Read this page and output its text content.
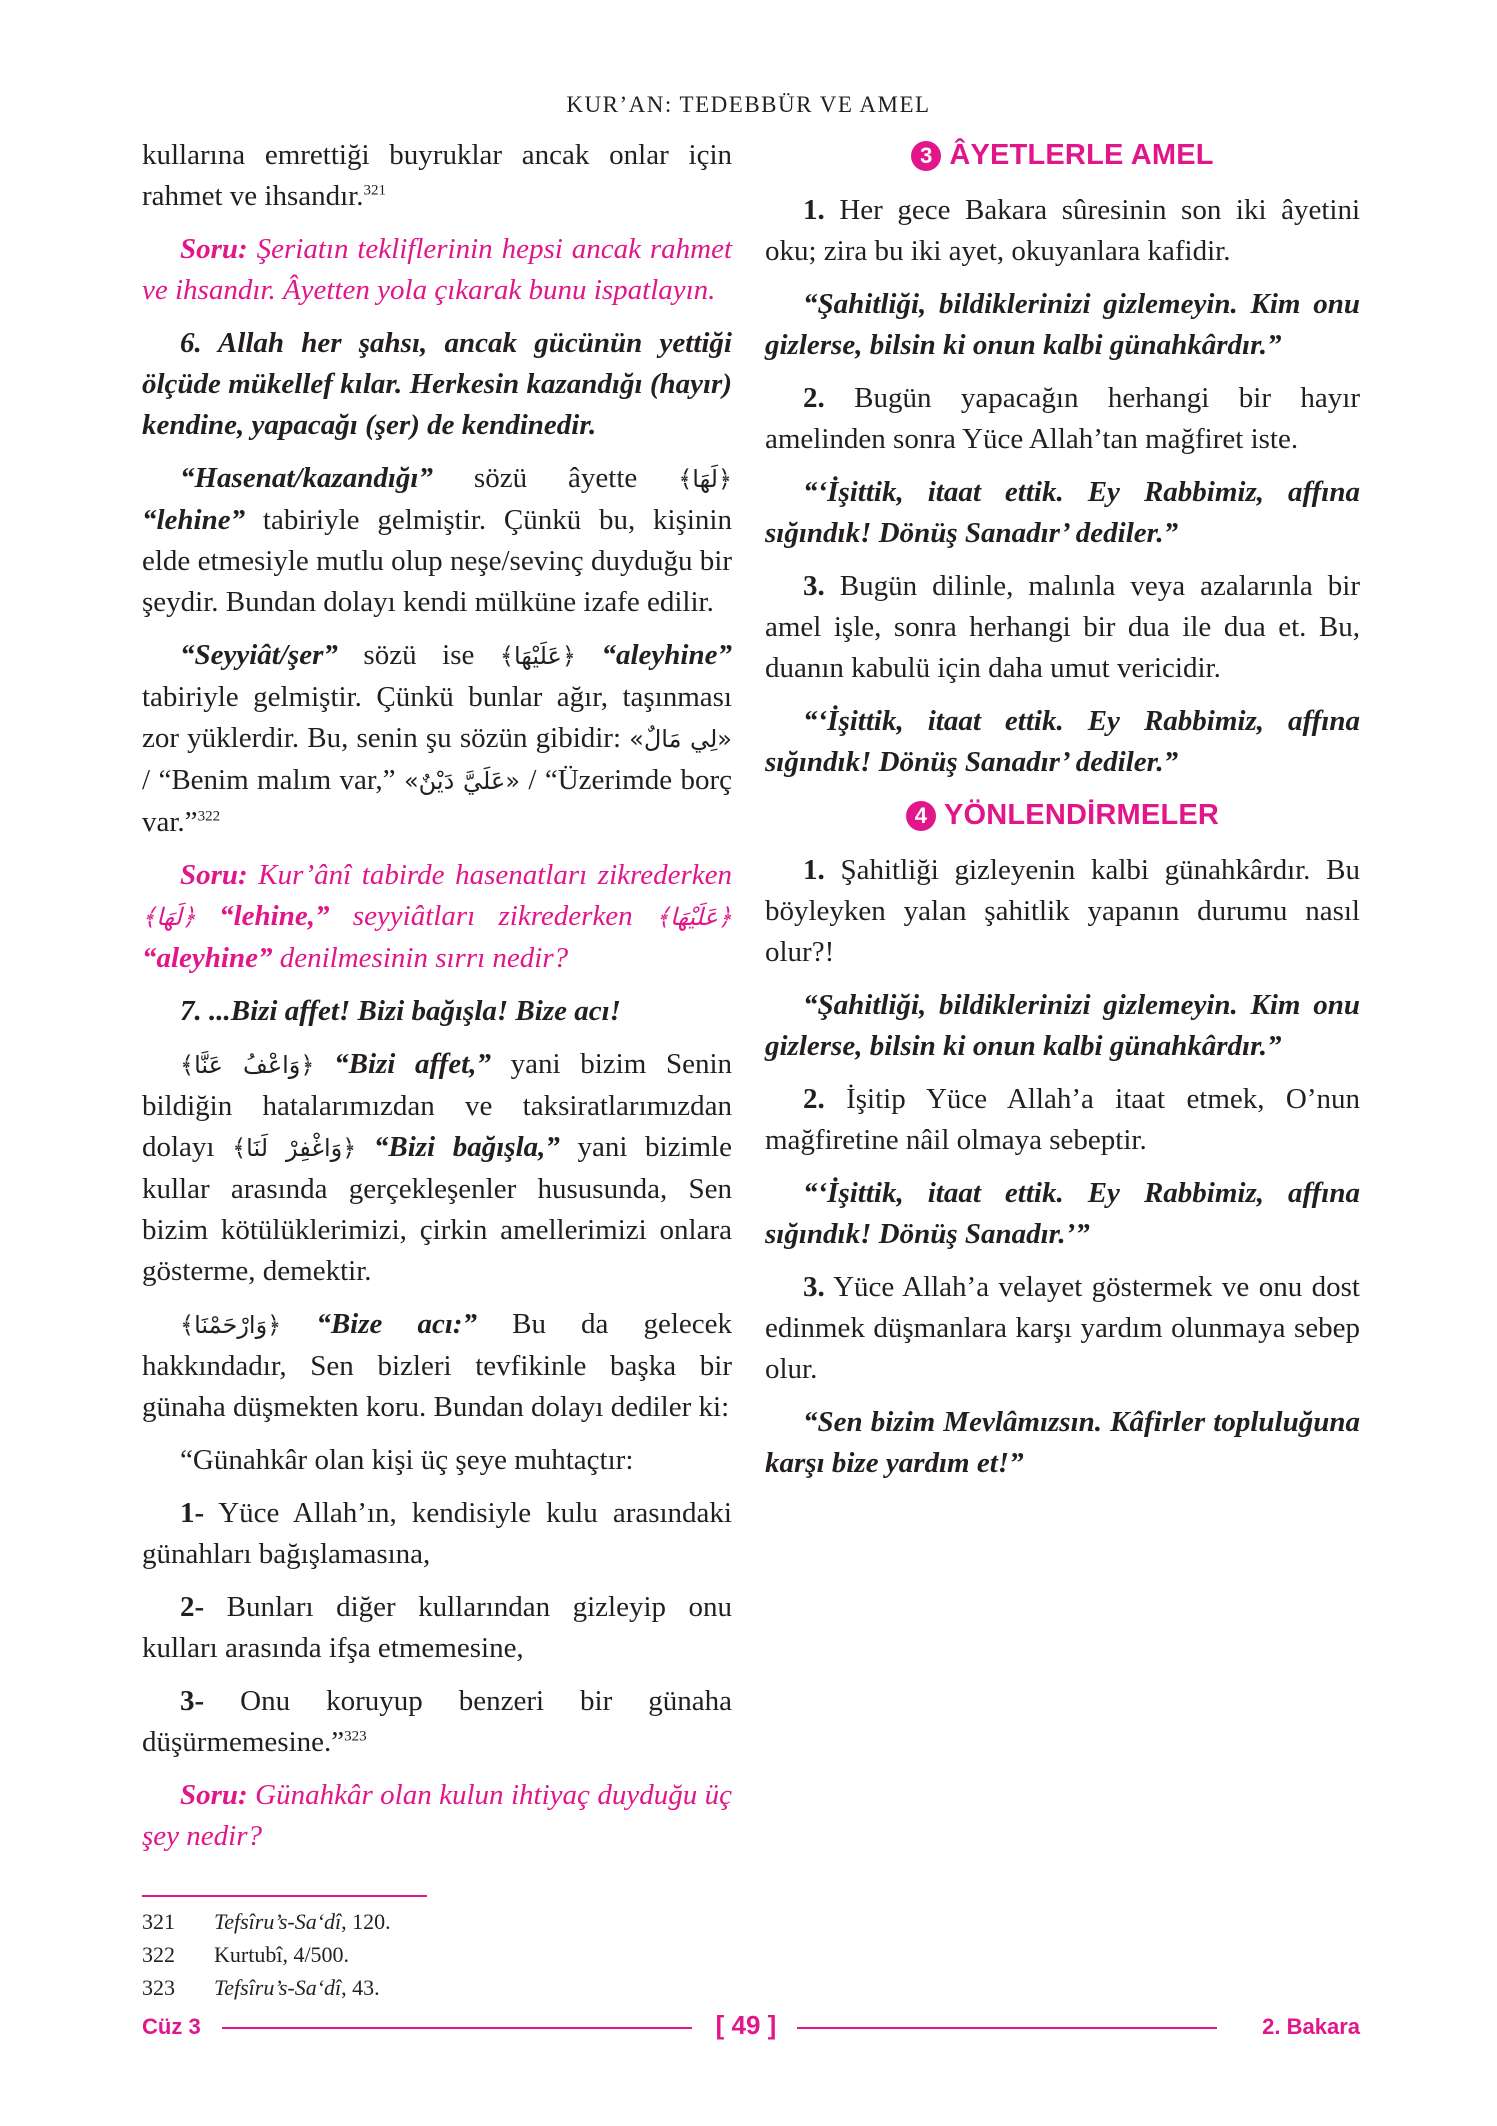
KUR’AN: TEDEBBÜR VE AMEL

kullarına emrettiği buyruklar ancak onlar için rahmet ve ihsandır.$^{321}$

Soru: Şeriatın tekliflerinin hepsi ancak rahmet ve ihsandır. Âyetten yola çıkarak bunu ispatlayın.

6. Allah her şahsı, ancak gücünün yettiği ölçüde mükellef kılar. Herkesin kazandığı (hayır) kendine, yapacağı (şer) de kendinedir.

“Hasenat/kazandığı” sözü âyette ﴿لَهَا﴾ “lehine” tabiriyle gelmiştir. Çünkü bu, kişinin elde etmesiyle mutlu olup neşe/sevinç duyduğu bir şeydir. Bundan dolayı kendi mülküne izafe edilir.

“Seyyiât/şer” sözü ise ﴿عَلَيْهَا﴾ “aleyhine” tabiriyle gelmiştir. Çünkü bunlar ağır, taşınması zor yüklerdir. Bu, senin şu sözün gibidir: «لِي مَالٌ» / “Benim malım var,” «عَلَيَّ دَيْنٌ» / “Üzerimde borç var.”$^{322}$

Soru: Kur’ânî tabirde hasenatları zikrederken ﴿لَهَا﴾ “lehine,” seyyiâtları zikrederken ﴿عَلَيْهَا﴾ “aleyhine” denilmesinin sırrı nedir?

7. ...Bizi affet! Bizi bağışla! Bize acı!

﴿وَاعْفُ عَنَّا﴾ “Bizi affet,” yani bizim Senin bildiğin hatalarımızdan ve taksiratlarımızdan dolayı ﴿وَاغْفِرْ لَنَا﴾ “Bizi bağışla,” yani bizimle kullar arasında gerçekleşenler hususunda, Sen bizim kötülüklerimizi, çirkin amellerimizi onlara gösterme, demektir.

﴿وَارْحَمْنَا﴾ “Bize acı:” Bu da gelecek hakkındadır, Sen bizleri tevfikinle başka bir günaha düşmekten koru. Bundan dolayı dediler ki:

“Günahkâr olan kişi üç şeye muhtaçtır:

1- Yüce Allah’ın, kendisiyle kulu arasındaki günahları bağışlamasına,

2- Bunları diğer kullarından gizleyip onu kulları arasında ifşa etmemesine,

3- Onu koruyup benzeri bir günaha düşürmemesine.”$^{323}$

Soru: Günahkâr olan kulun ihtiyaç duyduğu üç şey nedir?

3 ÂYETLERLE AMEL

1. Her gece Bakara sûresinin son iki âyetini oku; zira bu iki ayet, okuyanlara kafidir.

“Şahitliği, bildiklerinizi gizlemeyin. Kim onu gizlerse, bilsin ki onun kalbi günahkârdır.”

2. Bugün yapacağın herhangi bir hayır amelinden sonra Yüce Allah’tan mağfiret iste.

“‘İşittik, itaat ettik. Ey Rabbimiz, affına sığındık! Dönüş Sanadır’ dediler.”

3. Bugün dilinle, malınla veya azalarınla bir amel işle, sonra herhangi bir dua ile dua et. Bu, duanın kabulü için daha umut vericidir.

“‘İşittik, itaat ettik. Ey Rabbimiz, affına sığındık! Dönüş Sanadır’ dediler.”

4 YÖNLENDİRMELER

1. Şahitliği gizleyenin kalbi günahkârdır. Bu böyleyken yalan şahitlik yapanın durumu nasıl olur?!

“Şahitliği, bildiklerinizi gizlemeyin. Kim onu gizlerse, bilsin ki onun kalbi günahkârdır.”

2. İşitip Yüce Allah’a itaat etmek, O’nun mağfiretine nâil olmaya sebeptir.

“‘İşittik, itaat ettik. Ey Rabbimiz, affına sığındık! Dönüş Sanadır.’”

3. Yüce Allah’a velayet göstermek ve onu dost edinmek düşmanlara karşı yardım olunmaya sebep olur.

“Sen bizim Mevlâmızsın. Kâfirler topluluğuna karşı bize yardım et!”

321	Tefsîru’s-Sa‘dî , 120.
322	Kurtubî, 4/500.
323	Tefsîru’s-Sa‘dî , 43.
Cüz 3	[ 49 ]	2. Bakara
